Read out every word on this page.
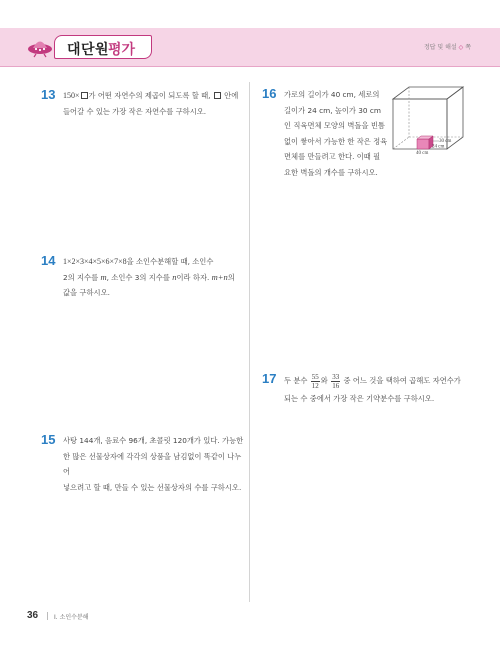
대단원
평가	정답 및 해설 ◇ 쪽
13 150× 가 어떤 자연수의 제곱이 되도록 할 때, 안에
들어갈 수 있는 가장 작은 자연수를 구하시오.
14 1×2×3×4×5×6×7×8을 소인수분해할 때, 소인수
2의 지수를 m, 소인수 3의 지수를 n이라 하자. m+n의
값을 구하시오.
15 사탕 144개, 음료수 96개, 초콜릿 120개가 있다. 가능한
한 많은 선물상자에 각각의 상품을 남김없이 똑같이 나누어
넣으려고 할 때, 만들 수 있는 선물상자의 수를 구하시오.
16 가로의 길이가 40 cm, 세로의
길이가 24 cm, 높이가 30 cm
인 직육면체 모양의 벽돌을 빈틈
없이 쌓아서 가능한 한 작은 정육
면체를 만들려고 한다. 이때 필
요한 벽돌의 개수를 구하시오.
30 cm
24 cm
40 cm
17 두 분수 $\frac{55}{12}$ 와 $\frac{33}{16}$ 중 어느 것을 택하여 곱해도 자연수가
되는 수 중에서 가장 작은 기약분수를 구하시오.
36	I. 소인수분해
